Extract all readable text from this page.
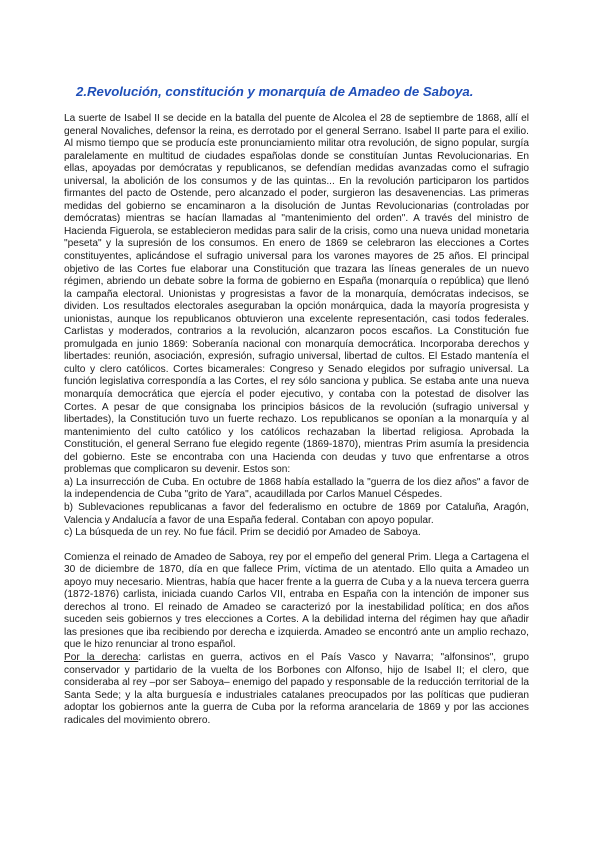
2.Revolución, constitución y monarquía de Amadeo de Saboya.

La suerte de Isabel II se decide en la batalla del puente de Alcolea el 28 de septiembre de 1868, allí el general Novaliches, defensor la reina, es derrotado por el general Serrano. Isabel II parte para el exilio. Al mismo tiempo que se producía este pronunciamiento militar otra revolución, de signo popular, surgía paralelamente en multitud de ciudades españolas donde se constituían Juntas Revolucionarias. En ellas, apoyadas por demócratas y republicanos, se defendían medidas avanzadas como el sufragio universal, la abolición de los consumos y de las quintas... En la revolución participaron los partidos firmantes del pacto de Ostende, pero alcanzado el poder, surgieron las desavenencias. Las primeras medidas del gobierno se encaminaron a la disolución de Juntas Revolucionarias (controladas por demócratas) mientras se hacían llamadas al "mantenimiento del orden". A través del ministro de Hacienda Figuerola, se establecieron medidas para salir de la crisis, como una nueva unidad monetaria "peseta" y la supresión de los consumos. En enero de 1869 se celebraron las elecciones a Cortes constituyentes, aplicándose el sufragio universal para los varones mayores de 25 años. El principal objetivo de las Cortes fue elaborar una Constitución que trazara las líneas generales de un nuevo régimen, abriendo un debate sobre la forma de gobierno en España (monarquía o república) que llenó la campaña electoral. Unionistas y progresistas a favor de la monarquía, demócratas indecisos, se dividen. Los resultados electorales aseguraban la opción monárquica, dada la mayoría progresista y unionistas, aunque los republicanos obtuvieron una excelente representación, casi todos federales. Carlistas y moderados, contrarios a la revolución, alcanzaron pocos escaños. La Constitución fue promulgada en junio 1869: Soberanía nacional con monarquía democrática. Incorporaba derechos y libertades: reunión, asociación, expresión, sufragio universal, libertad de cultos. El Estado mantenía el culto y clero católicos. Cortes bicamerales: Congreso y Senado elegidos por sufragio universal. La función legislativa correspondía a las Cortes, el rey sólo sanciona y publica. Se estaba ante una nueva monarquía democrática que ejercía el poder ejecutivo, y contaba con la potestad de disolver las Cortes. A pesar de que consignaba los principios básicos de la revolución (sufragio universal y libertades), la Constitución tuvo un fuerte rechazo. Los republicanos se oponían a la monarquía y al mantenimiento del culto católico y los católicos rechazaban la libertad religiosa. Aprobada la Constitución, el general Serrano fue elegido regente (1869-1870), mientras Prim asumía la presidencia del gobierno. Este se encontraba con una Hacienda con deudas y tuvo que enfrentarse a otros problemas que complicaron su devenir. Estos son:

a) La insurrección de Cuba. En octubre de 1868 había estallado la "guerra de los diez años" a favor de la independencia de Cuba "grito de Yara", acaudillada por Carlos Manuel Céspedes.

b) Sublevaciones republicanas a favor del federalismo en octubre de 1869 por Cataluña, Aragón, Valencia y Andalucía a favor de una España federal. Contaban con apoyo popular.

c) La búsqueda de un rey. No fue fácil. Prim se decidió por Amadeo de Saboya.

Comienza el reinado de Amadeo de Saboya, rey por el empeño del general Prim. Llega a Cartagena el 30 de diciembre de 1870, día en que fallece Prim, víctima de un atentado. Ello quita a Amadeo un apoyo muy necesario. Mientras, había que hacer frente a la guerra de Cuba y a la nueva tercera guerra (1872-1876) carlista, iniciada cuando Carlos VII, entraba en España con la intención de imponer sus derechos al trono. El reinado de Amadeo se caracterizó por la inestabilidad política; en dos años suceden seis gobiernos y tres elecciones a Cortes. A la debilidad interna del régimen hay que añadir las presiones que iba recibiendo por derecha e izquierda. Amadeo se encontró ante un amplio rechazo, que le hizo renunciar al trono español.

Por la derecha: carlistas en guerra, activos en el País Vasco y Navarra; "alfonsinos", grupo conservador y partidario de la vuelta de los Borbones con Alfonso, hijo de Isabel II; el clero, que consideraba al rey –por ser Saboya– enemigo del papado y responsable de la reducción territorial de la Santa Sede; y la alta burguesía e industriales catalanes preocupados por las políticas que pudieran adoptar los gobiernos ante la guerra de Cuba por la reforma arancelaria de 1869 y por las acciones radicales del movimiento obrero.
